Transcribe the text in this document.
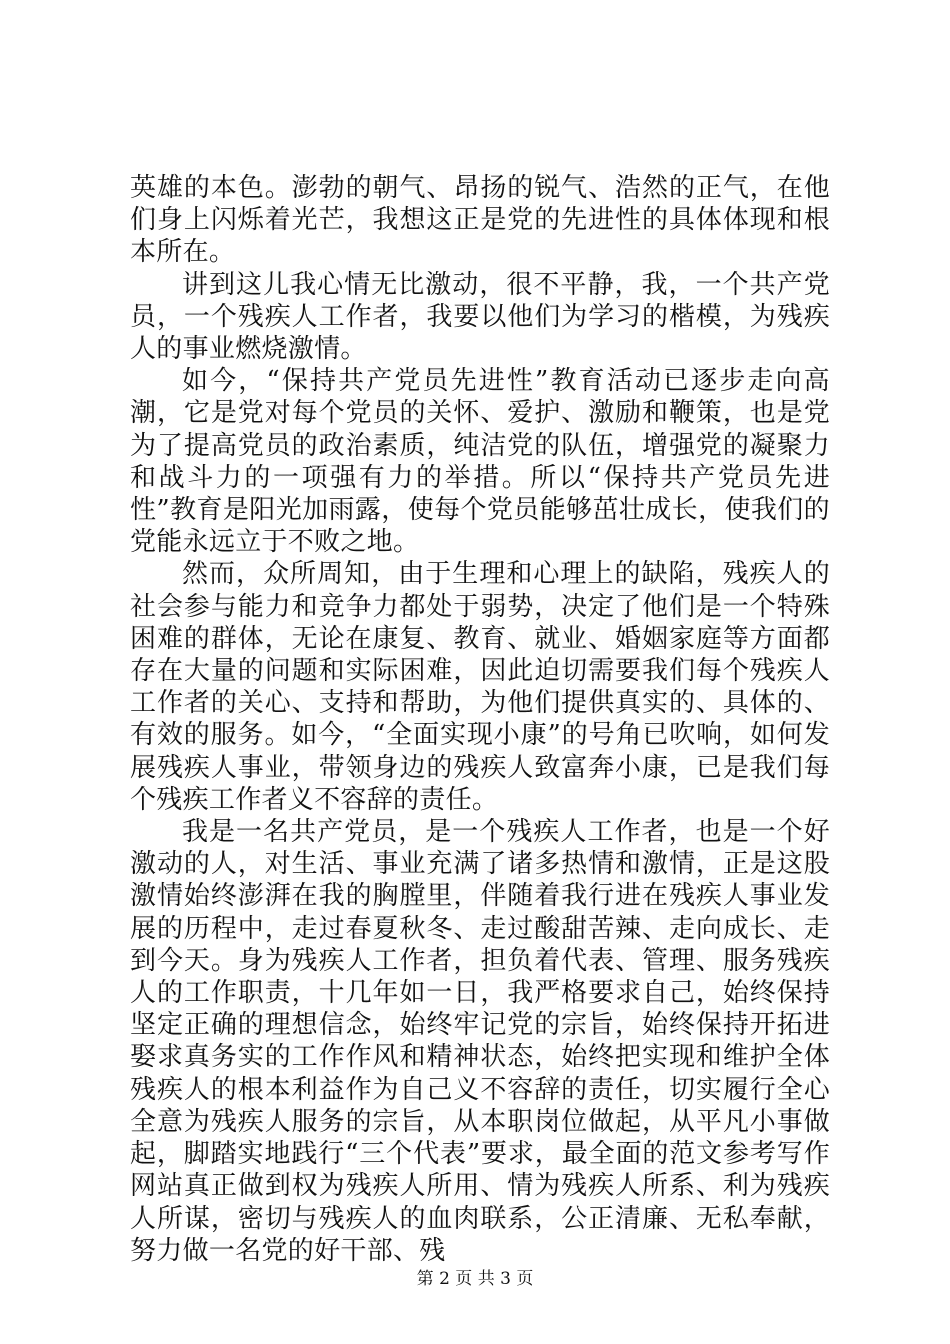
英雄的本色。澎勃的朝气、昂扬的锐气、浩然的正气，在他们身上闪烁着光芒，我想这正是党的先进性的具体体现和根本所在。

讲到这儿我心情无比激动，很不平静，我，一个共产党员，一个残疾人工作者，我要以他们为学习的楷模，为残疾人的事业燃烧激情。

如今，“保持共产党员先进性”教育活动已逐步走向高潮，它是党对每个党员的关怀、爱护、激励和鞭策，也是党为了提高党员的政治素质，纯洁党的队伍，增强党的凝聚力和战斗力的一项强有力的举措。所以“保持共产党员先进性”教育是阳光加雨露，使每个党员能够茁壮成长，使我们的党能永远立于不败之地。

然而，众所周知，由于生理和心理上的缺陷，残疾人的社会参与能力和竞争力都处于弱势，决定了他们是一个特殊困难的群体，无论在康复、教育、就业、婚姻家庭等方面都存在大量的问题和实际困难，因此迫切需要我们每个残疾人工作者的关心、支持和帮助，为他们提供真实的、具体的、有效的服务。如今，“全面实现小康”的号角已吹响，如何发展残疾人事业，带领身边的残疾人致富奔小康，已是我们每个残疾工作者义不容辞的责任。

我是一名共产党员，是一个残疾人工作者，也是一个好激动的人，对生活、事业充满了诸多热情和激情，正是这股激情始终澎湃在我的胸膛里，伴随着我行进在残疾人事业发展的历程中，走过春夏秋冬、走过酸甜苦辣、走向成长、走到今天。身为残疾人工作者，担负着代表、管理、服务残疾人的工作职责，十几年如一日，我严格要求自己，始终保持坚定正确的理想信念，始终牢记党的宗旨，始终保持开拓进娶求真务实的工作作风和精神状态，始终把实现和维护全体残疾人的根本利益作为自己义不容辞的责任，切实履行全心全意为残疾人服务的宗旨，从本职岗位做起，从平凡小事做起，脚踏实地践行“三个代表”要求，最全面的范文参考写作网站真正做到权为残疾人所用、情为残疾人所系、利为残疾人所谋，密切与残疾人的血肉联系，公正清廉、无私奉献，努力做一名党的好干部、残

第 2 页 共 3 页
